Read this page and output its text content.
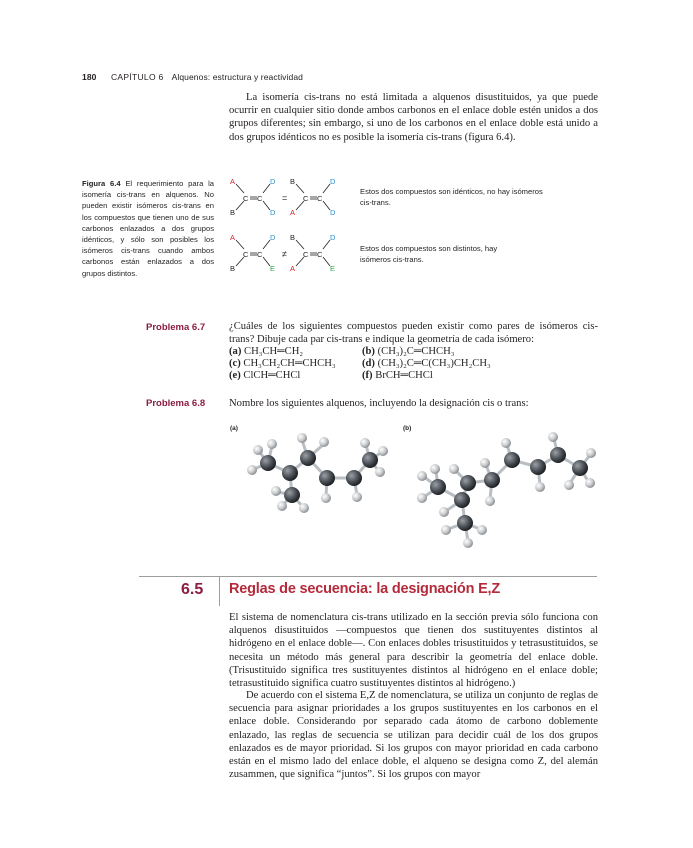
180 CAPÍTULO 6 Alquenos: estructura y reactividad

La isomería cis-trans no está limitada a alquenos disustituidos, ya que puede ocurrir en cualquier sitio donde ambos carbonos en el enlace doble estén unidos a dos grupos diferentes; sin embargo, si uno de los carbonos en el enlace doble está unido a dos grupos idénticos no es posible la isomería cis-trans (figura 6.4).

Figura 6.4 El requerimiento para la isomería cis-trans en alquenos. No pueden existir isómeros cis-trans en los compuestos que tienen uno de sus carbonos enlazados a dos grupos idénticos, y sólo son posibles los isómeros cis-trans cuando ambos carbonos están enlazados a dos grupos distintos.
A
B
C C
D
D
=
B
A
C C
D
D
A
B
C C
D
E
≠
B
A
C C
D
E
Estos dos compuestos son idénticos, no hay isómeros cis-trans.
Estos dos compuestos son distintos, hay isómeros cis-trans.
Problema 6.7 ¿Cuáles de los siguientes compuestos pueden existir como pares de isómeros cis-trans? Dibuje cada par cis-trans e indique la geometría de cada isómero:

(a) CH₃CH═CH₂	(b) (CH₃)₂C═CHCH₃
(c) CH₃CH₂CH═CHCH₃ (d) (CH₃)₂C═C(CH₃)CH₂CH₃
(e) ClCH═CHCl	(f) BrCH═CHCl
Problema 6.8 Nombre los siguientes alquenos, incluyendo la designación cis o trans:

(a)	(b)
6.5 Reglas de secuencia: la designación E,Z

El sistema de nomenclatura cis-trans utilizado en la sección previa sólo funciona con alquenos disustituidos —compuestos que tienen dos sustituyentes distintos al hidrógeno en el enlace doble—. Con enlaces dobles trisustituidos y tetrasustituidos, se necesita un método más general para describir la geometría del enlace doble. (Trisustituido significa tres sustituyentes distintos al hidrógeno en el enlace doble; tetrasustituido significa cuatro sustituyentes distintos al hidrógeno.)

De acuerdo con el sistema E,Z de nomenclatura, se utiliza un conjunto de reglas de secuencia para asignar prioridades a los grupos sustituyentes en los carbonos en el enlace doble. Considerando por separado cada átomo de carbono doblemente enlazado, las reglas de secuencia se utilizan para decidir cuál de los dos grupos enlazados es de mayor prioridad. Si los grupos con mayor prioridad en cada carbono están en el mismo lado del enlace doble, el alqueno se designa como Z, del alemán zusammen, que significa “juntos”. Si los grupos con mayor
